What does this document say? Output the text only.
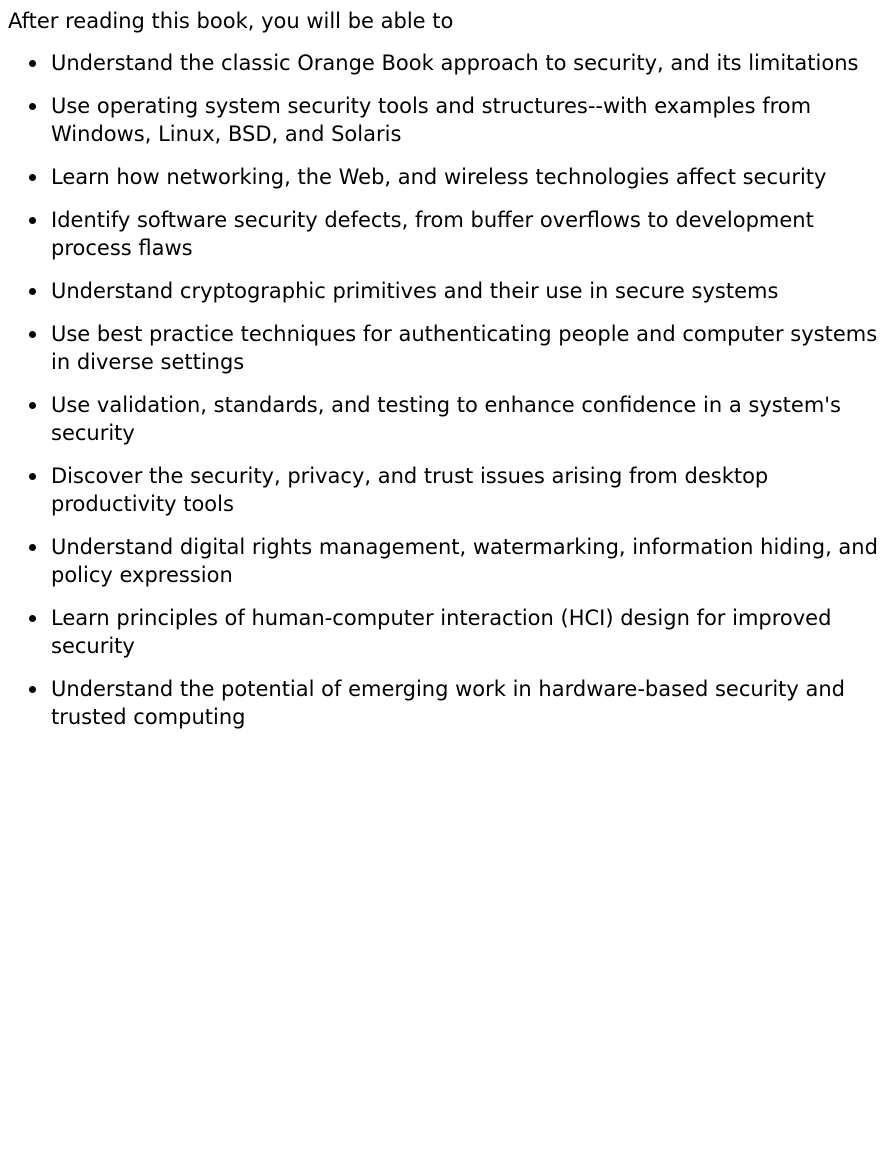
After reading this book, you will be able to

Understand the classic Orange Book approach to security, and its limitations
Use operating system security tools and structures--with examples from Windows, Linux, BSD, and Solaris
Learn how networking, the Web, and wireless technologies affect security
Identify software security defects, from buffer overflows to development process flaws
Understand cryptographic primitives and their use in secure systems
Use best practice techniques for authenticating people and computer systems in diverse settings
Use validation, standards, and testing to enhance confidence in a system's security
Discover the security, privacy, and trust issues arising from desktop productivity tools
Understand digital rights management, watermarking, information hiding, and policy expression
Learn principles of human-computer interaction (HCI) design for improved security
Understand the potential of emerging work in hardware-based security and trusted computing
